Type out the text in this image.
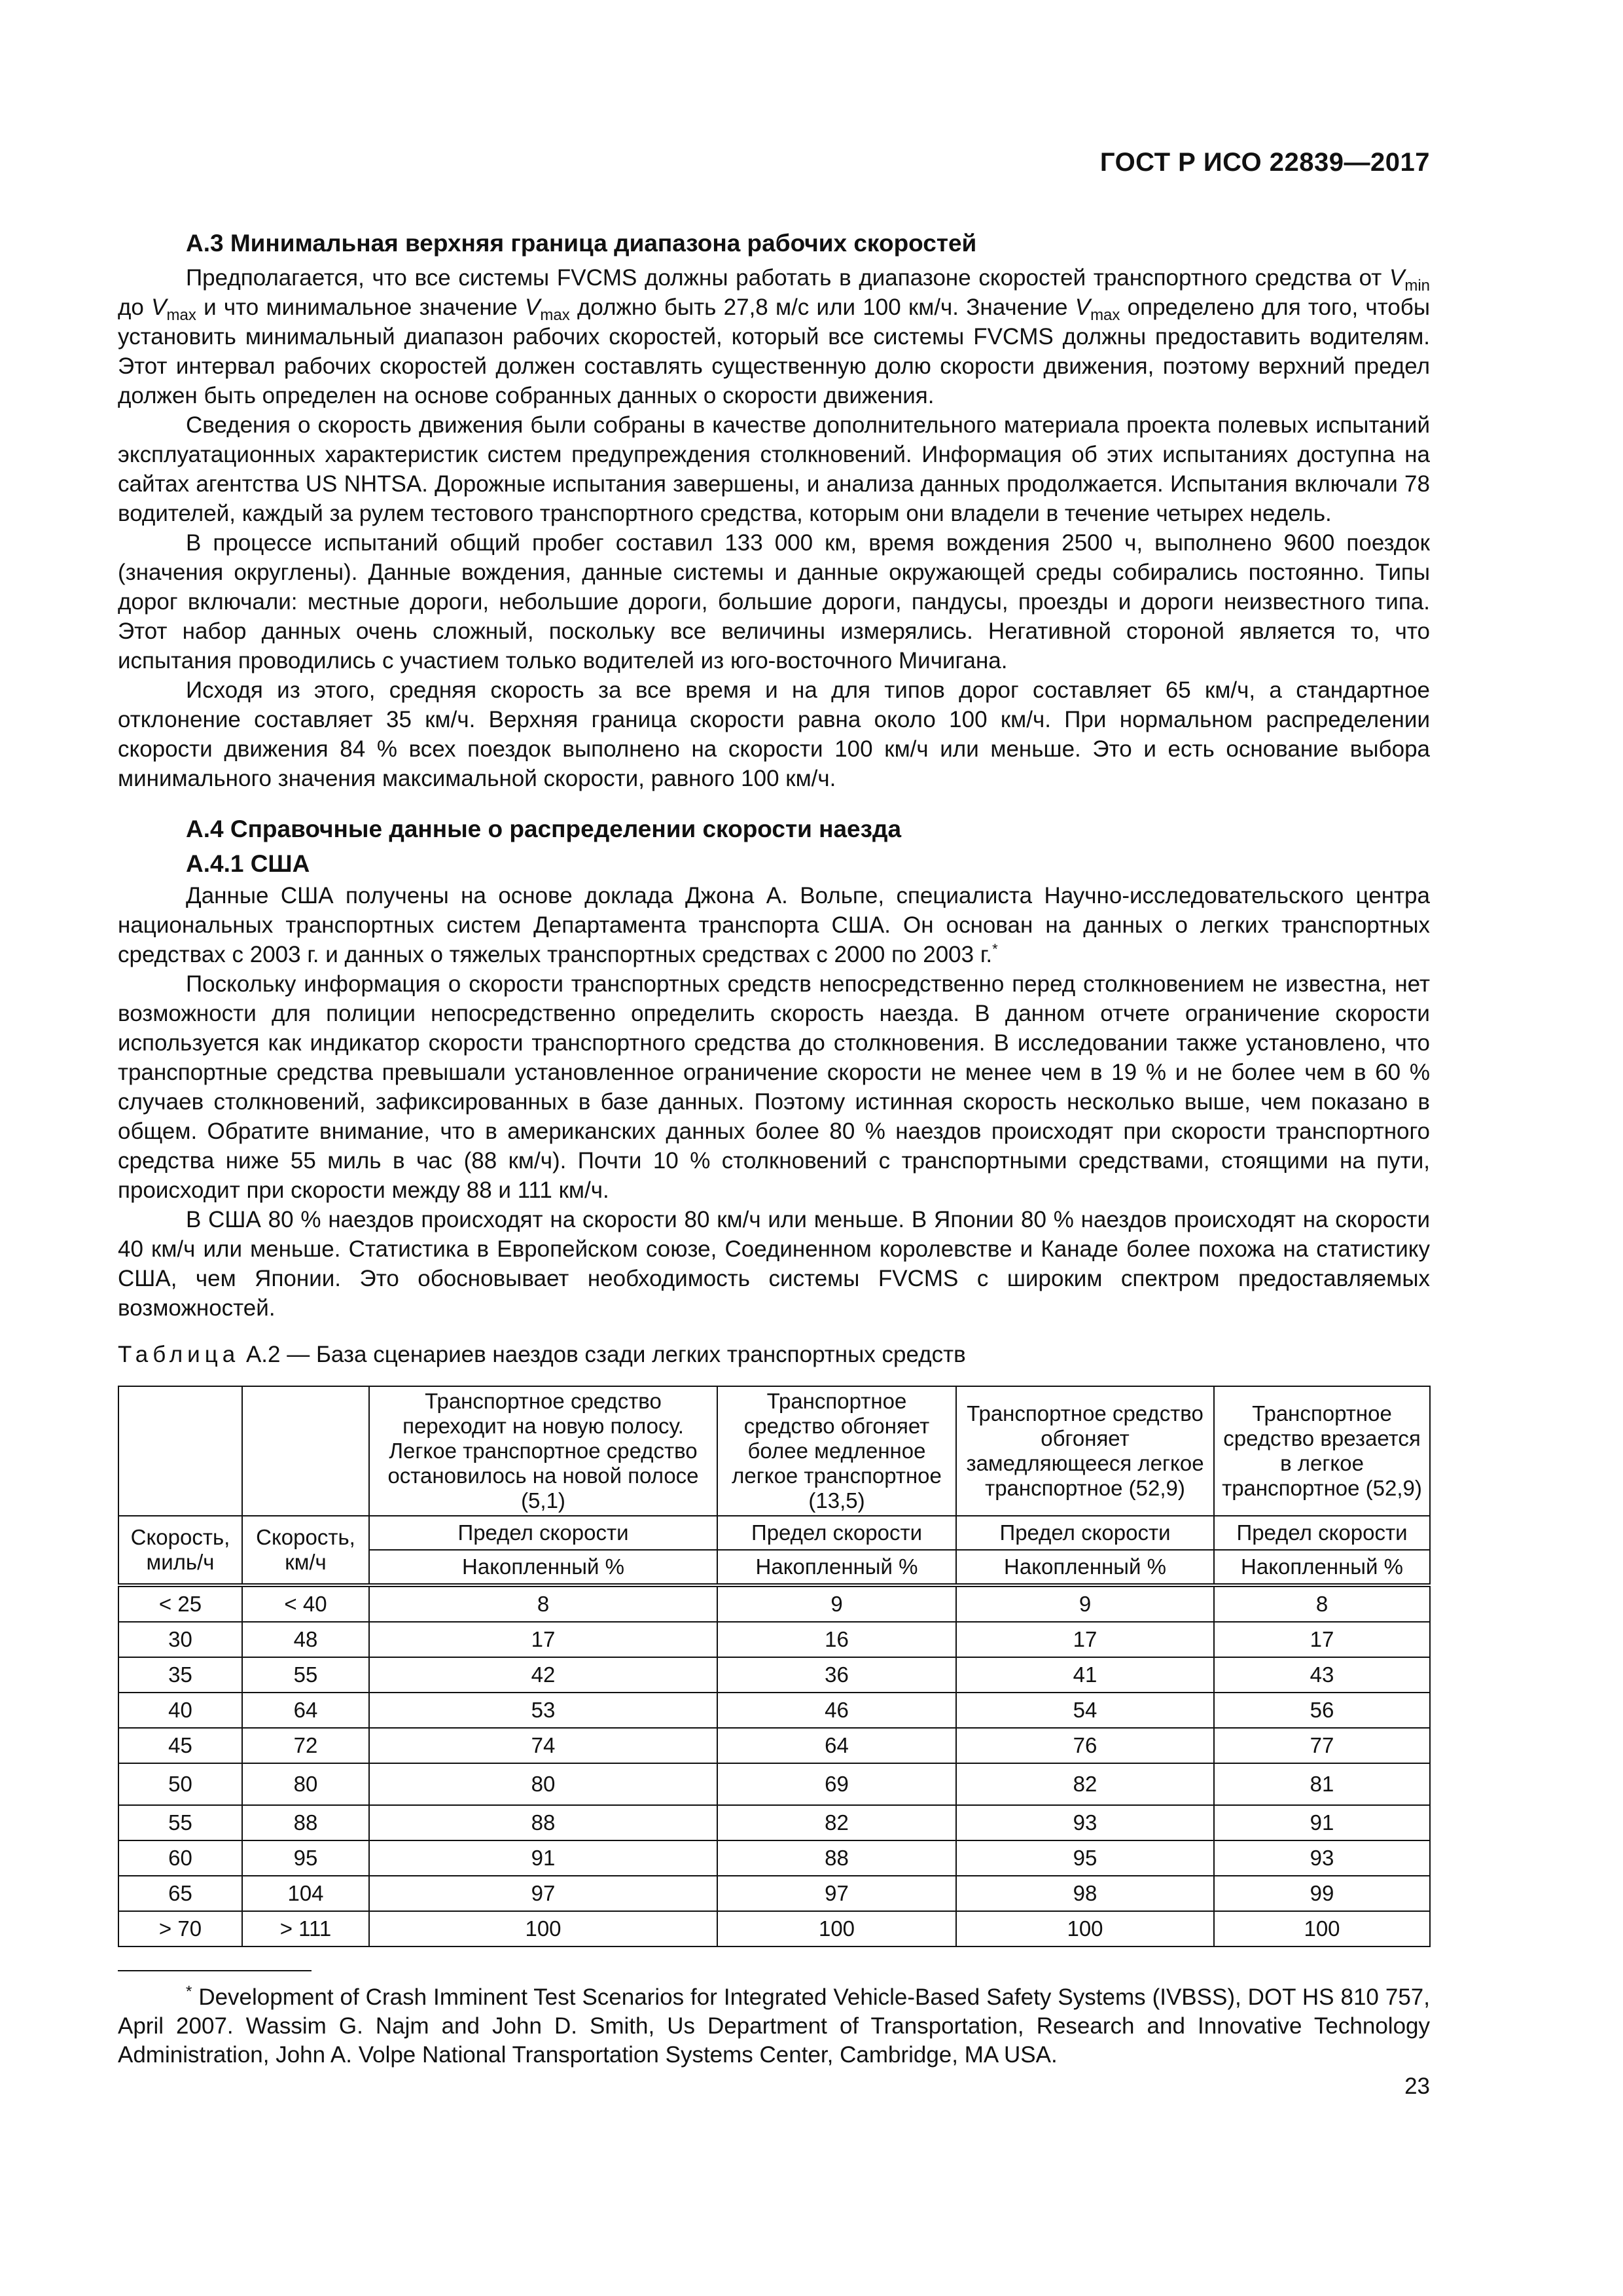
ГОСТ Р ИСО 22839—2017

А.3 Минимальная верхняя граница диапазона рабочих скоростей

Предполагается, что все системы FVCMS должны работать в диапазоне скоростей транспортного средства от $V_{min}$ до $V_{max}$ и что минимальное значение $V_{max}$ должно быть 27,8 м/с или 100 км/ч. Значение $V_{max}$ определено для того, чтобы установить минимальный диапазон рабочих скоростей, который все системы FVCMS должны предоставить водителям. Этот интервал рабочих скоростей должен составлять существенную долю скорости движения, поэтому верхний предел должен быть определен на основе собранных данных о скорости движения.

Сведения о скорость движения были собраны в качестве дополнительного материала проекта полевых испытаний эксплуатационных характеристик систем предупреждения столкновений. Информация об этих испытаниях доступна на сайтах агентства US NHTSA. Дорожные испытания завершены, и анализа данных продолжается. Испытания включали 78 водителей, каждый за рулем тестового транспортного средства, которым они владели в течение четырех недель.

В процессе испытаний общий пробег составил 133 000 км, время вождения 2500 ч, выполнено 9600 поездок (значения округлены). Данные вождения, данные системы и данные окружающей среды собирались постоянно. Типы дорог включали: местные дороги, небольшие дороги, большие дороги, пандусы, проезды и дороги неизвестного типа. Этот набор данных очень сложный, поскольку все величины измерялись. Негативной стороной является то, что испытания проводились с участием только водителей из юго-восточного Мичигана.

Исходя из этого, средняя скорость за все время и на для типов дорог составляет 65 км/ч, а стандартное отклонение составляет 35 км/ч. Верхняя граница скорости равна около 100 км/ч. При нормальном распределении скорости движения 84 % всех поездок выполнено на скорости 100 км/ч или меньше. Это и есть основание выбора минимального значения максимальной скорости, равного 100 км/ч.

А.4 Справочные данные о распределении скорости наезда

А.4.1 США

Данные США получены на основе доклада Джона А. Вольпе, специалиста Научно-исследовательского центра национальных транспортных систем Департамента транспорта США. Он основан на данных о легких транспортных средствах с 2003 г. и данных о тяжелых транспортных средствах с 2000 по 2003 г.*

Поскольку информация о скорости транспортных средств непосредственно перед столкновением не известна, нет возможности для полиции непосредственно определить скорость наезда. В данном отчете ограничение скорости используется как индикатор скорости транспортного средства до столкновения. В исследовании также установлено, что транспортные средства превышали установленное ограничение скорости не менее чем в 19 % и не более чем в 60 % случаев столкновений, зафиксированных в базе данных. Поэтому истинная скорость несколько выше, чем показано в общем. Обратите внимание, что в американских данных более 80 % наездов происходят при скорости транспортного средства ниже 55 миль в час (88 км/ч). Почти 10 % столкновений с транспортными средствами, стоящими на пути, происходит при скорости между 88 и 111 км/ч.

В США 80 % наездов происходят на скорости 80 км/ч или меньше. В Японии 80 % наездов происходят на скорости 40 км/ч или меньше. Статистика в Европейском союзе, Соединенном королевстве и Канаде более похожа на статистику США, чем Японии. Это обосновывает необходимость системы FVCMS с широким спектром предоставляемых возможностей.

Таблица А.2 — База сценариев наездов сзади легких транспортных средств

		Транспортное средство переходит на новую полосу. Легкое транспортное средство остановилось на новой полосе (5,1)	Транспортное средство обгоняет более медленное легкое транспортное (13,5)	Транспортное средство обгоняет замедляющееся легкое транспортное (52,9)	Транспортное средство врезается в легкое транспортное (52,9)
Скорость, миль/ч	Скорость, км/ч	Предел скорости	Предел скорости	Предел скорости	Предел скорости
		Накопленный %	Накопленный %	Накопленный %	Накопленный %
< 25	< 40	8	9	9	8
30	48	17	16	17	17
35	55	42	36	41	43
40	64	53	46	54	56
45	72	74	64	76	77
50	80	80	69	82	81
55	88	88	82	93	91
60	95	91	88	95	93
65	104	97	97	98	99
> 70	> 111	100	100	100	100

* Development of Crash Imminent Test Scenarios for Integrated Vehicle-Based Safety Systems (IVBSS), DOT HS 810 757, April 2007. Wassim G. Najm and John D. Smith, Us Department of Transportation, Research and Innovative Technology Administration, John A. Volpe National Transportation Systems Center, Cambridge, MA USA.

23
